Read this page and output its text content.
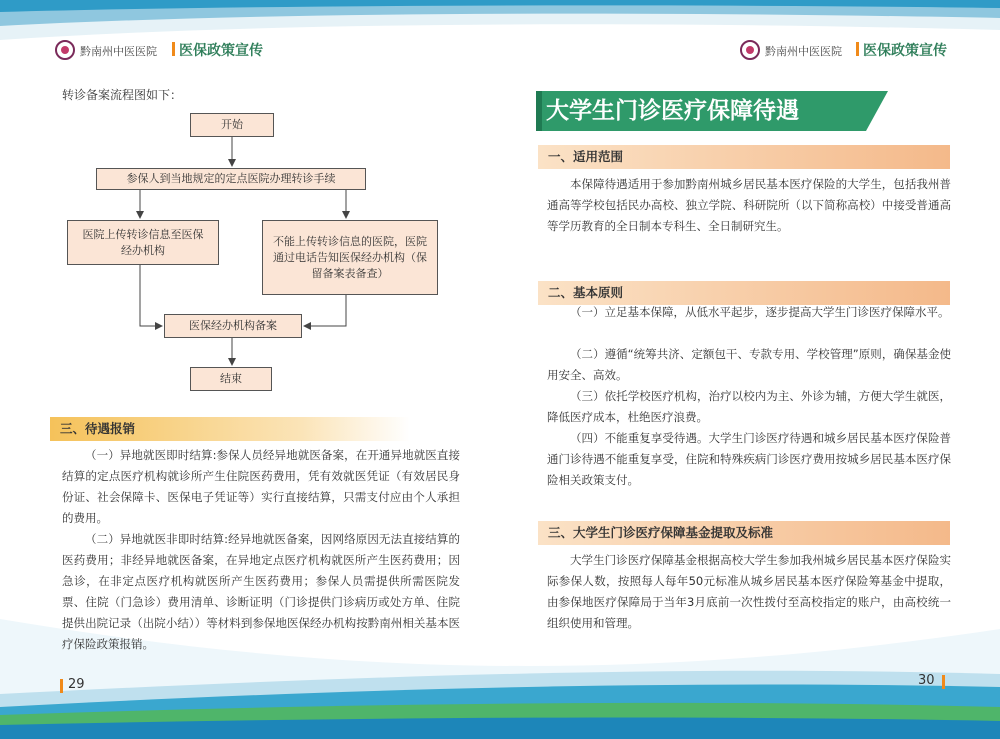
黔南州中医医院 医保政策宣传	黔南州中医医院 医保政策宣传
转诊备案流程图如下：
开始
参保人到当地规定的定点医院办理转诊手续
医院上传转诊信息至医保经办机构
不能上传转诊信息的医院，医院通过电话告知医保经办机构（保留备案表备查）
医保经办机构备案
结束
三、待遇报销
（一）异地就医即时结算:参保人员经异地就医备案，在开通异地就医直接结算的定点医疗机构就诊所产生住院医药费用，凭有效就医凭证（有效居民身份证、社会保障卡、医保电子凭证等）实行直接结算，只需支付应由个人承担的费用。
（二）异地就医非即时结算:经异地就医备案，因网络原因无法直接结算的医药费用；非经异地就医备案，在异地定点医疗机构就医所产生医药费用；因急诊，在非定点医疗机构就医所产生医药费用；参保人员需提供所需医院发票、住院（门急诊）费用清单、诊断证明（门诊提供门诊病历或处方单、住院提供出院记录（出院小结））等材料到参保地医保经办机构按黔南州相关基本医疗保险政策报销。
29
大学生门诊医疗保障待遇
一、适用范围
本保障待遇适用于参加黔南州城乡居民基本医疗保险的大学生，包括我州普通高等学校包括民办高校、独立学院、科研院所（以下简称高校）中接受普通高等学历教育的全日制本专科生、全日制研究生。
二、基本原则
（一）立足基本保障，从低水平起步，逐步提高大学生门诊医疗保障水平。
（二）遵循“统筹共济、定额包干、专款专用、学校管理”原则，确保基金使用安全、高效。
（三）依托学校医疗机构，治疗以校内为主、外诊为辅，方便大学生就医，降低医疗成本，杜绝医疗浪费。
（四）不能重复享受待遇。大学生门诊医疗待遇和城乡居民基本医疗保险普通门诊待遇不能重复享受，住院和特殊疾病门诊医疗费用按城乡居民基本医疗保险相关政策支付。
三、大学生门诊医疗保障基金提取及标准
大学生门诊医疗保障基金根据高校大学生参加我州城乡居民基本医疗保险实际参保人数，按照每人每年50元标准从城乡居民基本医疗保险筹基金中提取，由参保地医疗保障局于当年3月底前一次性拨付至高校指定的账户，由高校统一组织使用和管理。
30
